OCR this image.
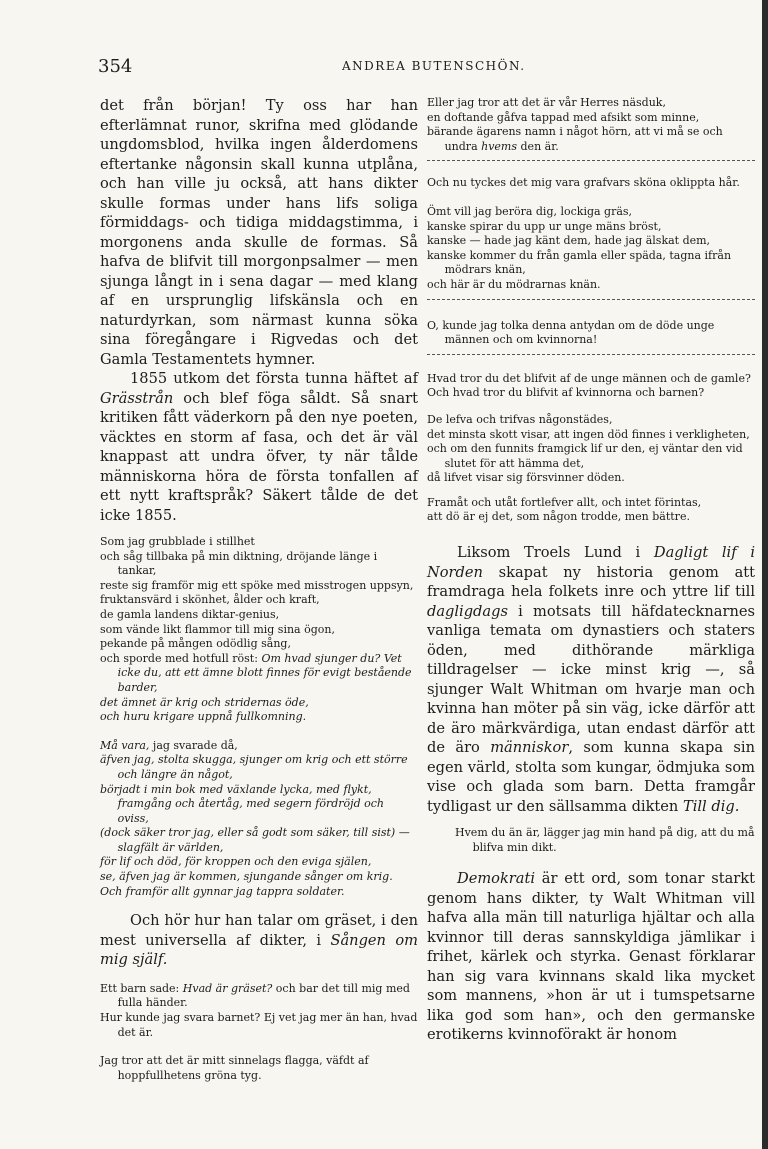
354	ANDREA BUTENSCHÖN.

det från början! Ty oss har han efterlämnat runor, skrifna med glödande ungdomsblod, hvilka ingen ålderdomens eftertanke någonsin skall kunna utplåna, och han ville ju också, att hans dikter skulle formas under hans lifs soliga förmiddags- och tidiga middagstimma, i morgonens anda skulle de formas. Så hafva de blifvit till morgonpsalmer — men sjunga långt in i sena dagar — med klang af en ursprunglig lifskänsla och en naturdyrkan, som närmast kunna söka sina föregångare i Rigvedas och det Gamla Testamentets hymner.

1855 utkom det första tunna häftet af Grässtrån och blef föga såldt. Så snart kritiken fått väderkorn på den nye poeten, väcktes en storm af fasa, och det är väl knappast att undra öfver, ty när tålde människorna höra de första tonfallen af ett nytt kraftspråk? Säkert tålde de det icke 1855.

Som jag grubblade i stillhet
och såg tillbaka på min diktning, dröjande länge i tankar,
reste sig framför mig ett spöke med misstrogen uppsyn,
fruktansvärd i skönhet, ålder och kraft,
de gamla landens diktar-genius,
som vände likt flammor till mig sina ögon,
pekande på mången odödlig sång,
och sporde med hotfull röst: Om hvad sjunger du? Vet icke du, att ett ämne blott finnes för evigt bestående barder,
det ämnet är krig och stridernas öde,
och huru krigare uppnå fullkomning.
Må vara, jag svarade då,
äfven jag, stolta skugga, sjunger om krig och ett större och längre än något,
börjadt i min bok med växlande lycka, med flykt, framgång och återtåg, med segern fördröjd och oviss,
(dock säker tror jag, eller så godt som säker, till sist) — slagfält är världen,
för lif och död, för kroppen och den eviga själen,
se, äfven jag är kommen, sjungande sånger om krig.
Och framför allt gynnar jag tappra soldater.

Och hör hur han talar om gräset, i den mest universella af dikter, i Sången om mig själf.

Ett barn sade: Hvad är gräset? och bar det till mig med fulla händer.
Hur kunde jag svara barnet? Ej vet jag mer än han, hvad det är.
Jag tror att det är mitt sinnelags flagga, väfdt af hoppfullhetens gröna tyg.
Eller jag tror att det är vår Herres näsduk,
en doftande gåfva tappad med afsikt som minne,
bärande ägarens namn i något hörn, att vi må se och undra hvems den är.
Och nu tyckes det mig vara grafvars sköna oklippta hår.
Ömt vill jag beröra dig, lockiga gräs,
kanske spirar du upp ur unge mäns bröst,
kanske — hade jag känt dem, hade jag älskat dem,
kanske kommer du från gamla eller späda, tagna ifrån mödrars knän,
och här är du mödrarnas knän.
O, kunde jag tolka denna antydan om de döde unge männen och om kvinnorna!
Hvad tror du det blifvit af de unge männen och de gamle?
Och hvad tror du blifvit af kvinnorna och barnen?
De lefva och trifvas någonstädes,
det minsta skott visar, att ingen död finnes i verkligheten,
och om den funnits framgick lif ur den, ej väntar den vid slutet för att hämma det,
då lifvet visar sig försvinner döden.
Framåt och utåt fortlefver allt, och intet förintas,
att dö är ej det, som någon trodde, men bättre.

Liksom Troels Lund i Dagligt lif i Norden skapat ny historia genom att framdraga hela folkets inre och yttre lif till dagligdags i motsats till häfdatecknarnes vanliga temata om dynastiers och staters öden, med dithörande märkliga tilldragelser — icke minst krig —, så sjunger Walt Whitman om hvarje man och kvinna han möter på sin väg, icke därför att de äro märkvärdiga, utan endast därför att de äro människor, som kunna skapa sin egen värld, stolta som kungar, ödmjuka som vise och glada som barn. Detta framgår tydligast ur den sällsamma dikten Till dig.

Hvem du än är, lägger jag min hand på dig, att du må blifva min dikt.

Demokrati är ett ord, som tonar starkt genom hans dikter, ty Walt Whitman vill hafva alla män till naturliga hjältar och alla kvinnor till deras sannskyldiga jämlikar i frihet, kärlek och styrka. Genast förklarar han sig vara kvinnans skald lika mycket som mannens, »hon är ut i tumspetsarne lika god som han», och den germanske erotikerns kvinnoförakt är honom
